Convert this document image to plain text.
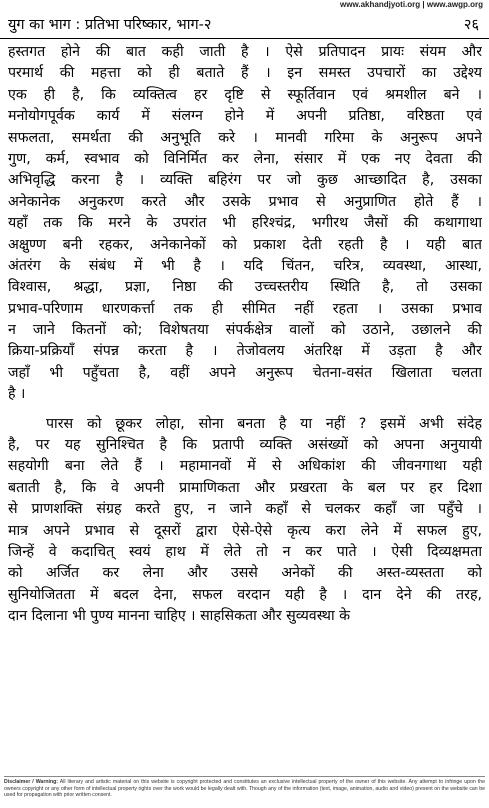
www.akhandjyoti.org | www.awgp.org
युग का भाग : प्रतिभा परिष्कार, भाग-२	२६
हस्तगत होने की बात कही जाती है । ऐसे प्रतिपादन प्रायः संयम और
परमार्थ की महत्ता को ही बताते हैं । इन समस्त उपचारों का उद्देश्य
एक ही है, कि व्यक्तित्व हर दृष्टि से स्फूर्तिवान एवं श्रमशील बने ।
मनोयोगपूर्वक कार्य में संलग्न होने में अपनी प्रतिष्ठा, वरिष्ठता एवं
सफलता, समर्थता की अनुभूति करे । मानवी गरिमा के अनुरूप अपने
गुण, कर्म, स्वभाव को विनिर्मित कर लेना, संसार में एक नए देवता की
अभिवृद्धि करना है । व्यक्ति बहिरंग पर जो कुछ आच्छादित है, उसका
अनेकानेक अनुकरण करते और उसके प्रभाव से अनुप्राणित होते हैं ।
यहाँ तक कि मरने के उपरांत भी हरिश्चंद्र, भगीरथ जैसों की कथागाथा
अक्षुण्ण बनी रहकर, अनेकानेकों को प्रकाश देती रहती है । यही बात
अंतरंग के संबंध में भी है । यदि चिंतन, चरित्र, व्यवस्था, आस्था,
विश्वास, श्रद्धा, प्रज्ञा, निष्ठा की उच्चस्तरीय स्थिति है, तो उसका
प्रभाव-परिणाम धारणकर्त्ता तक ही सीमित नहीं रहता । उसका प्रभाव
न जाने कितनों को; विशेषतया संपर्कक्षेत्र वालों को उठाने, उछालने की
क्रिया-प्रक्रियाँ संपन्न करता है । तेजोवलय अंतरिक्ष में उड़ता है और
जहाँ भी पहुँचता है, वहीं अपने अनुरूप चेतना-वसंत खिलाता चलता
है ।
पारस को छूकर लोहा, सोना बनता है या नहीं ? इसमें अभी संदेह
है, पर यह सुनिश्चित है कि प्रतापी व्यक्ति असंख्यों को अपना अनुयायी
सहयोगी बना लेते हैं । महामानवों में से अधिकांश की जीवनगाथा यही
बताती है, कि वे अपनी प्रामाणिकता और प्रखरता के बल पर हर दिशा
से प्राणशक्ति संग्रह करते हुए, न जाने कहाँ से चलकर कहाँ जा पहुँचे ।
मात्र अपने प्रभाव से दूसरों द्वारा ऐसे-ऐसे कृत्य करा लेने में सफल हुए,
जिन्हें वे कदाचित् स्वयं हाथ में लेते तो न कर पाते । ऐसी दिव्यक्षमता
को अर्जित कर लेना और उससे अनेकों की अस्त-व्यस्तता को
सुनियोजितता में बदल देना, सफल वरदान यही है । दान देने की तरह,
दान दिलाना भी पुण्य मानना चाहिए । साहसिकता और सुव्यवस्था के
Disclaimer / Warning: All literary and artistic material on this website is copyright protected and constitutes an exclusive intellectual property of the owner of this website. Any attempt to infringe upon the owners copyright or any other form of intellectual property rights over the work would be legally dealt with. Though any of the information (text, image, animation, audio and video) present on the website can be used for propagation with prior written consent.
